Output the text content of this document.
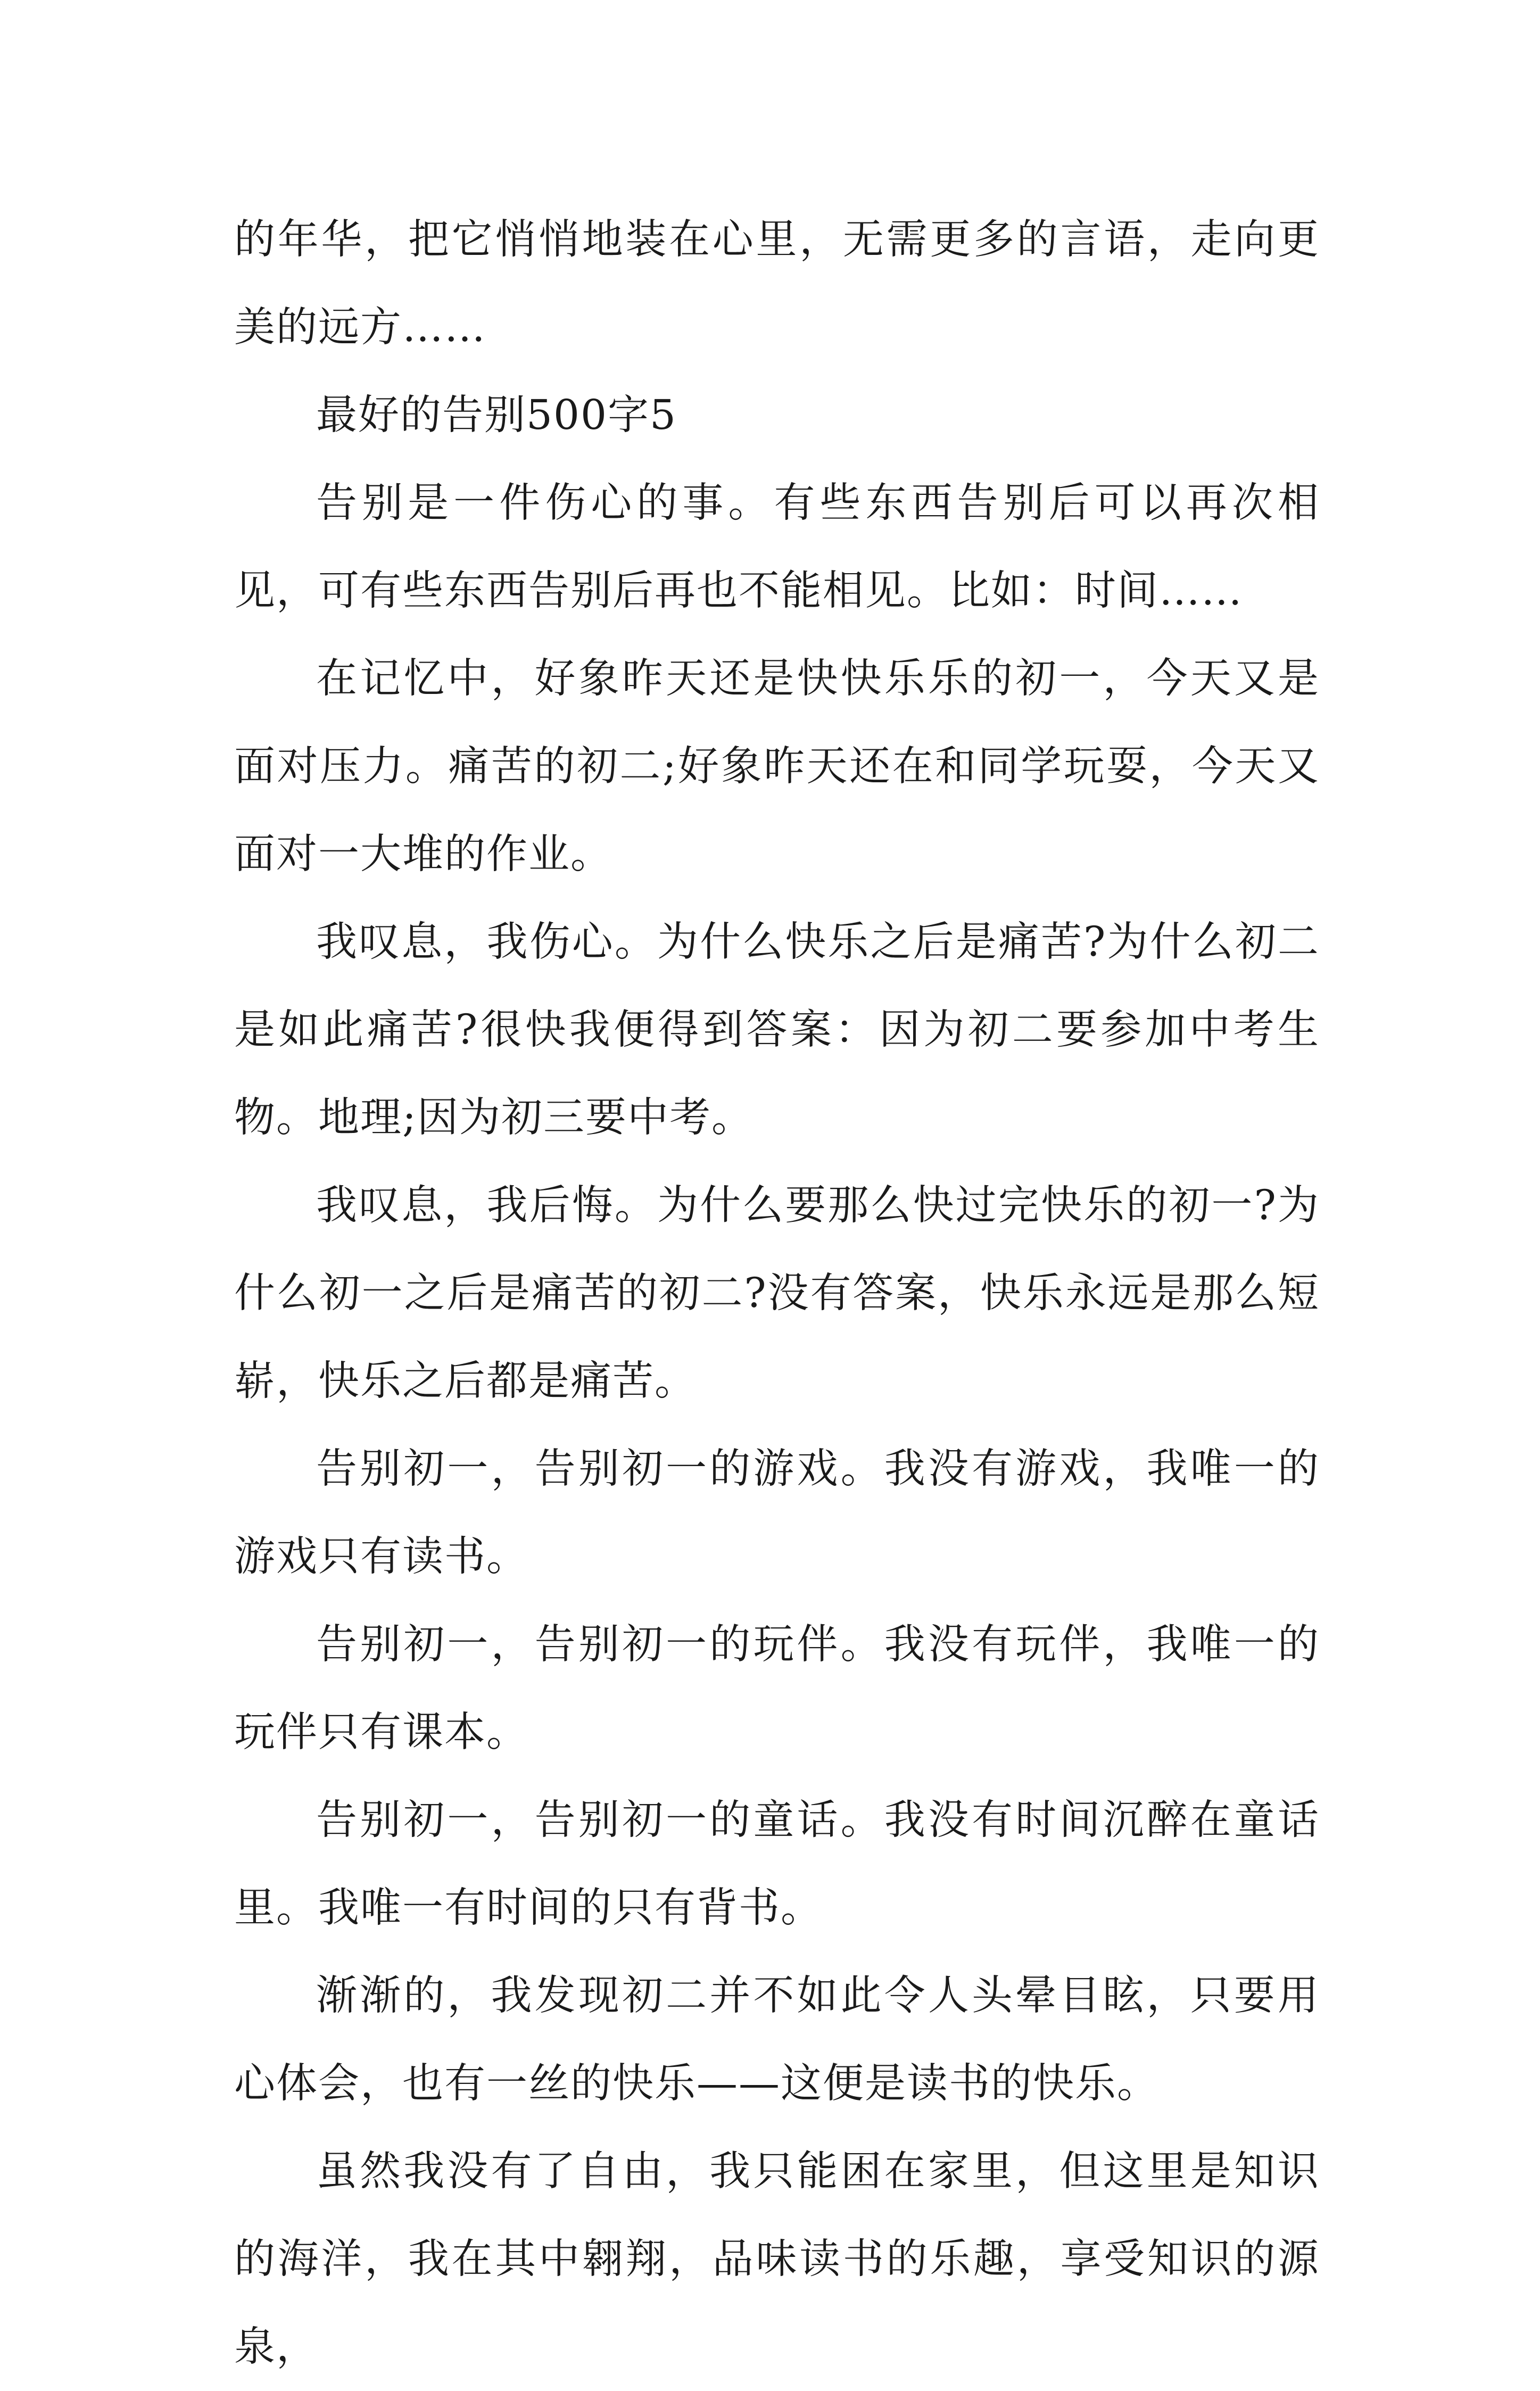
的年华，把它悄悄地装在心里，无需更多的言语，走向更美的远方……

最好的告别500字5

告别是一件伤心的事。有些东西告别后可以再次相见，可有些东西告别后再也不能相见。比如：时间……

在记忆中，好象昨天还是快快乐乐的初一，今天又是面对压力。痛苦的初二;好象昨天还在和同学玩耍，今天又面对一大堆的作业。

我叹息，我伤心。为什么快乐之后是痛苦?为什么初二是如此痛苦?很快我便得到答案：因为初二要参加中考生物。地理;因为初三要中考。

我叹息，我后悔。为什么要那么快过完快乐的初一?为什么初一之后是痛苦的初二?没有答案，快乐永远是那么短崭，快乐之后都是痛苦。

告别初一，告别初一的游戏。我没有游戏，我唯一的游戏只有读书。

告别初一，告别初一的玩伴。我没有玩伴，我唯一的玩伴只有课本。

告别初一，告别初一的童话。我没有时间沉醉在童话里。我唯一有时间的只有背书。

渐渐的，我发现初二并不如此令人头晕目眩，只要用心体会，也有一丝的快乐——这便是读书的快乐。

虽然我没有了自由，我只能困在家里，但这里是知识的海洋，我在其中翱翔，品味读书的乐趣，享受知识的源泉，
